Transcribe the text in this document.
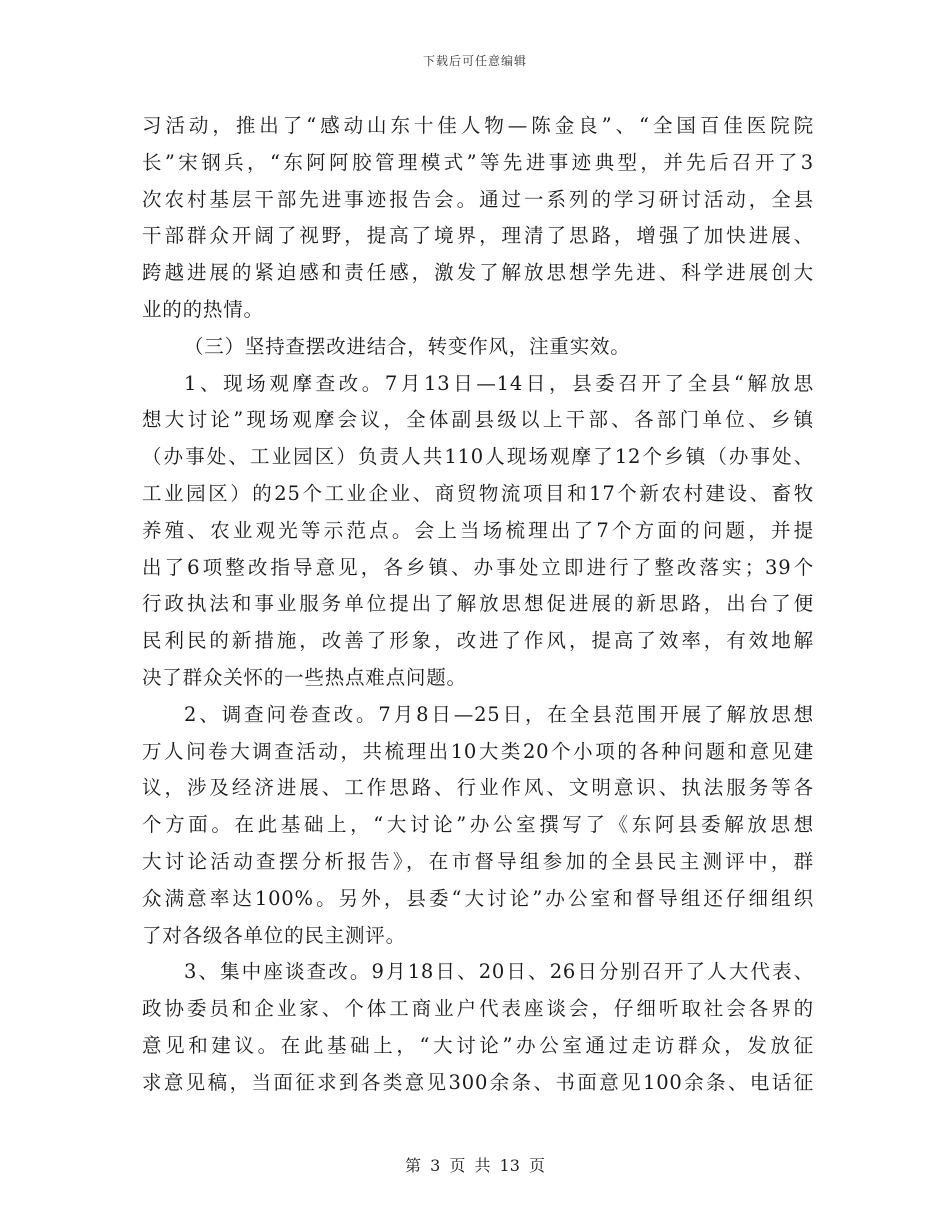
下载后可任意编辑
习活动，推出了“感动山东十佳人物—陈金良”、“全国百佳医院院
长”宋钢兵，“东阿阿胶管理模式”等先进事迹典型，并先后召开了3
次农村基层干部先进事迹报告会。通过一系列的学习研讨活动，全县
干部群众开阔了视野，提高了境界，理清了思路，增强了加快进展、
跨越进展的紧迫感和责任感，激发了解放思想学先进、科学进展创大
业的的热情。
（三）坚持查摆改进结合，转变作风，注重实效。
1、现场观摩查改。7月13日—14日，县委召开了全县“解放思
想大讨论”现场观摩会议，全体副县级以上干部、各部门单位、乡镇
（办事处、工业园区）负责人共110人现场观摩了12个乡镇（办事处、
工业园区）的25个工业企业、商贸物流项目和17个新农村建设、畜牧
养殖、农业观光等示范点。会上当场梳理出了7个方面的问题，并提
出了6项整改指导意见，各乡镇、办事处立即进行了整改落实；39个
行政执法和事业服务单位提出了解放思想促进展的新思路，出台了便
民利民的新措施，改善了形象，改进了作风，提高了效率，有效地解
决了群众关怀的一些热点难点问题。
2、调查问卷查改。7月8日—25日，在全县范围开展了解放思想
万人问卷大调查活动，共梳理出10大类20个小项的各种问题和意见建
议，涉及经济进展、工作思路、行业作风、文明意识、执法服务等各
个方面。在此基础上，“大讨论”办公室撰写了《东阿县委解放思想
大讨论活动查摆分析报告》，在市督导组参加的全县民主测评中，群
众满意率达100%。另外，县委“大讨论”办公室和督导组还仔细组织
了对各级各单位的民主测评。
3、集中座谈查改。9月18日、20日、26日分别召开了人大代表、
政协委员和企业家、个体工商业户代表座谈会，仔细听取社会各界的
意见和建议。在此基础上，“大讨论”办公室通过走访群众，发放征
求意见稿，当面征求到各类意见300余条、书面意见100余条、电话征
第 3 页 共 13 页
